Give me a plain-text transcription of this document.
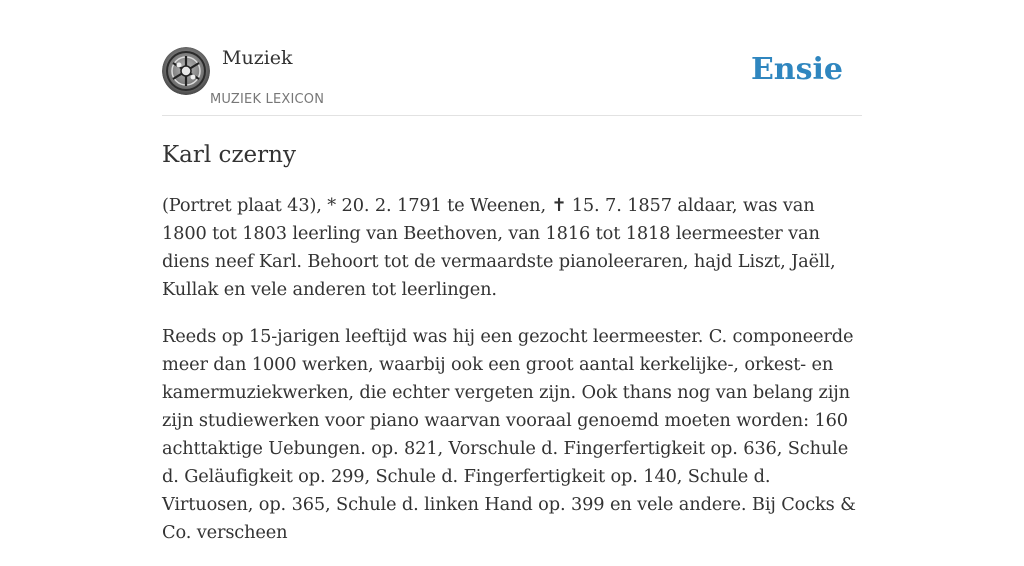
Muziek
MUZIEK LEXICON
Ensie
Karl czerny

(Portret plaat 43), * 20. 2. 1791 te Weenen, ✝ 15. 7. 1857 aldaar, was van 1800 tot 1803 leerling van Beethoven, van 1816 tot 1818 leermeester van diens neef Karl. Behoort tot de vermaardste pianoleeraren, hajd Liszt, Jaëll, Kullak en vele anderen tot leerlingen.

Reeds op 15-jarigen leeftijd was hij een gezocht leermeester. C. componeerde meer dan 1000 werken, waarbij ook een groot aantal kerkelijke-, orkest- en kamermuziekwerken, die echter vergeten zijn. Ook thans nog van belang zijn zijn studiewerken voor piano waarvan vooraal genoemd moeten worden: 160 achttaktige Uebungen. op. 821, Vorschule d. Fingerfertigkeit op. 636, Schule d. Geläufigkeit op. 299, Schule d. Fingerfertigkeit op. 140, Schule d. Virtuosen, op. 365, Schule d. linken Hand op. 399 en vele andere. Bij Cocks & Co. verscheen
